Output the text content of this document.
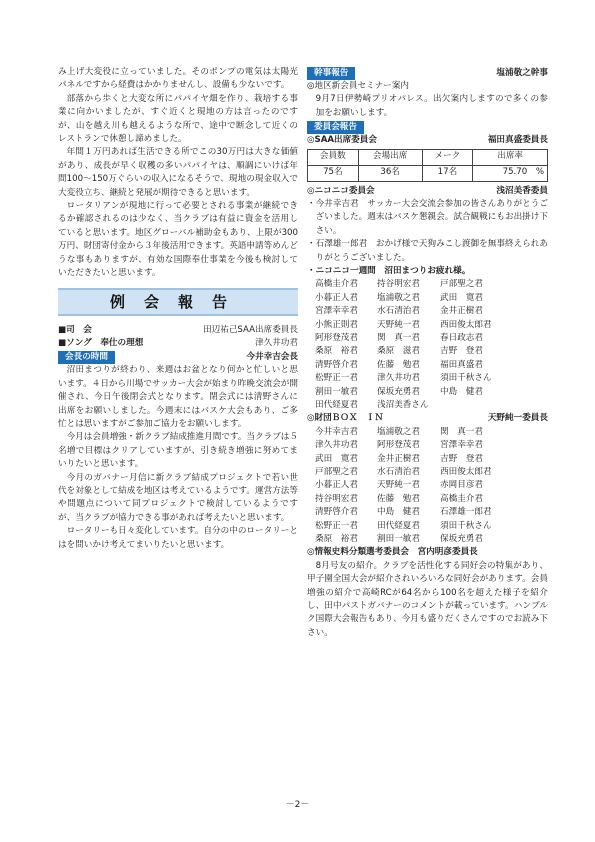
み上げ大変役に立っていました。そのポンプの電気は太陽光パネルですから経費はかかりませんし、設備も少ないです。

部落から歩くと大変な所にパパイヤ畑を作り、栽培する事業に向かいましたが、すぐ近くと現地の方は言ったのですが、山を越え川も越えるような所で、途中で断念して近くのレストランで休憩し諦めました。

年間１万円あれば生活できる所でこの30万円は大きな価値があり、成長が早く収穫の多いパパイヤは、順調にいけば年間100～150万ぐらいの収入になるそうで、現地の現金収入で大変役立ち、継続と発展が期待できると思います。

ロータリアンが現地に行って必要とされる事業が継続できるか確認されるのは少なく、当クラブは有益に資金を活用していると思います。地区グローバル補助金もあり、上限が300万円、財団寄付金から３年後活用できます。英語申請等めんどうな事もありますが、有効な国際奉仕事業を今後も検討していただきたいと思います。

例会報告
■司　会	田辺祐己SAA出席委員長
■ソング　奉仕の理想	津久井功君
会長の時間	今井幸吉会長

沼田まつりが終わり、来週はお盆となり何かと忙しいと思います。４日から川場でサッカー大会が始まり昨晩交流会が開催され、今日午後閉会式となります。閉会式には清野さんに出席をお願いしました。今週末にはバスケ大会もあり、ご多忙とは思いますがご参加ご協力をお願いします。

今月は会員増強・新クラブ結成推進月間です。当クラブは５名増で目標はクリアしていますが、引き続き増強に努めてまいりたいと思います。

今月のガバナー月信に新クラブ結成プロジェクトで若い世代を対象として結成を地区は考えているようです。運営方法等や問題点について同プロジェクトで検討しているようですが、当クラブが協力できる事があれば考えたいと思います。

ロータリーも日々変化しています。自分の中のロータリーとはを問いかけ考えてまいりたいと思います。

幹事報告	塩浦敬之幹事

◎地区新会員セミナー案内

9月7日伊勢崎プリオパレス。出欠案内しますので多くの参加をお願いします。

委員会報告
◎SAA出席委員会	福田真盛委員長
会員数	会場出席	メーク	出席率
75名	36名	17名	75.70　%
◎ニコニコ委員会	浅沼美香委員

・今井幸吉君　サッカー大会交流会参加の皆さんありがとうございました。週末はバスケ懇親会。試合観戦にもお出掛け下さい。

・石澤雄一郎君　おかげ様で天狗みこし渡御を無事終えられありがとうございました。

・ニコニコ一週間　沼田まつりお疲れ様。

高橋圭介君	持谷明宏君	戸部聖之君
小暮正人君	塩浦敬之君	武田　寛君
宮澤幸幸君	水石清治君	金井正樹君
小熊正則君	天野純一君	西田俊太郎君
阿形登茂君	関　真一君	春日政志君
桑原　裕君	桑原　滋君	吉野　登君
清野啓介君	佐藤　勉君	福田真盛君
松野正一君	津久井功君	須田千秋さん
割田一敏君	保坂充勇君	中島　健君
田代経夏君	浅沼美香さん
◎財団ＢＯＸ　ＩＮ	天野純一委員長
今井幸吉君	塩浦敬之君	関　真一君
津久井功君	阿形登茂君	宮澤幸幸君
武田　寛君	金井正樹君	吉野　登君
戸部聖之君	水石清治君	西田俊太郎君
小暮正人君	天野純一君	赤岡目彦君
持谷明宏君	佐藤　勉君	高橋圭介君
清野啓介君	中島　健君	石澤雄一郎君
松野正一君	田代経夏君	須田千秋さん
桑原　裕君	割田一敏君	保坂充勇君

◎情報史料分類選考委員会　宮内明彦委員長

8月号友の紹介。クラブを活性化する同好会の特集があり、甲子園全国大会が紹介されいろいろな同好会があります。会員増強の紹介で高崎RCが64名から100名を超えた様子を紹介し、田中パストガバナーのコメントが載っています。ハンブルク国際大会報告もあり、今月も盛りだくさんですのでお読み下さい。

－2－
